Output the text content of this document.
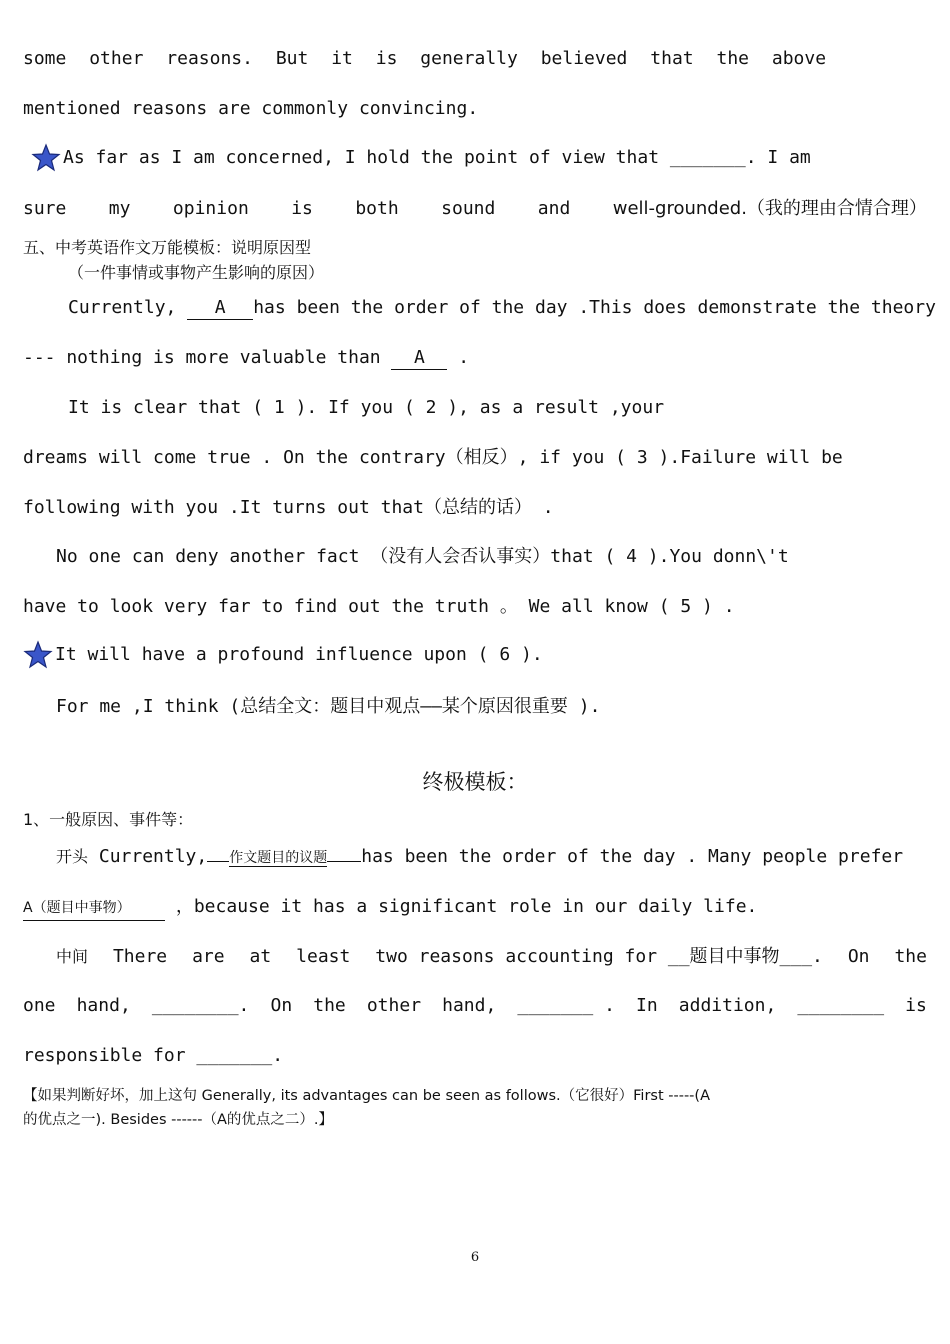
some other reasons. But it is generally believed that the above
mentioned reasons are commonly convincing.
As far as I am concerned, I hold the point of view that _______. I am
sure my opinion is both sound and well-grounded.（我的理由合情合理）
五、中考英语作文万能模板：说明原因型
（一件事情或事物产生影响的原因）
Currently, A has been the order of the day .This does demonstrate the theory
--- nothing is more valuable than A .
It is clear that ( 1 ). If you ( 2 ), as a result ,your
dreams will come true . On the contrary（相反）, if you ( 3 ).Failure will be
following with you .It turns out that（总结的话） .
No one can deny another fact （没有人会否认事实）that ( 4 ).You donn\'t
have to look very far to find out the truth 。 We all know ( 5 ) .
It will have a profound influence upon ( 6 ).
For me ,I think (总结全文：题目中观点——某个原因很重要 ).
终极模板：
1、一般原因、事件等：
开头 Currently, 作文题目的议题 has been the order of the day . Many people prefer
A（题目中事物）	，because it has a significant role in our daily life.
中间 There are at least two reasons accounting for __题目中事物___. On the
one hand, ________. On the other hand, _______ . In addition, ________ is
responsible for _______.
【如果判断好坏，加上这句 Generally, its advantages can be seen as follows.（它很好）First -----(A
的优点之一). Besides ------（A的优点之二）.】
6
